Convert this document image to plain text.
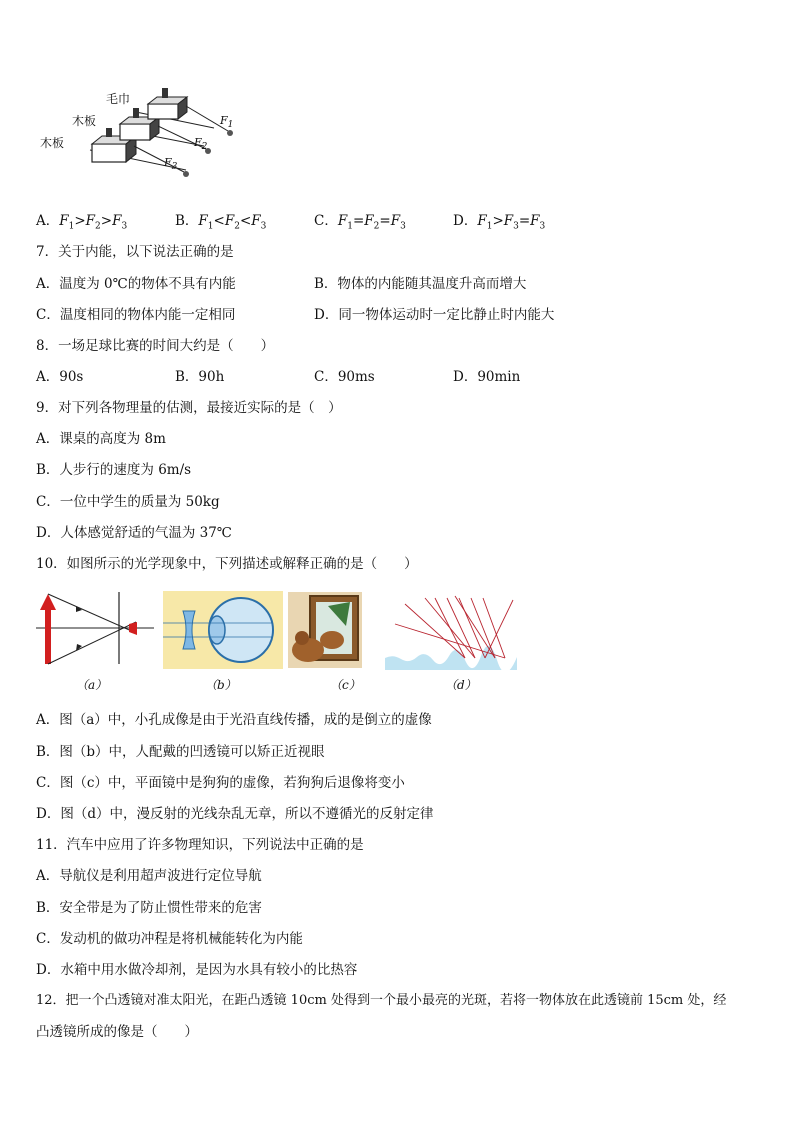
毛巾
木板
木板
$F_1$
$F_2$
$F_3$
A．$F_1>F_2>F_3$	B．$F_1<F_2<F_3$	C．$F_1=F_2=F_3$	D．$F_1>F_3=F_3$
7．关于内能，以下说法正确的是
A．温度为 0℃的物体不具有内能	B．物体的内能随其温度升高而增大
C．温度相同的物体内能一定相同	D．同一物体运动时一定比静止时内能大
8．一场足球比赛的时间大约是（　　）
A．90s	B．90h	C．90ms	D．90min
9．对下列各物理量的估测，最接近实际的是（　）
A．课桌的高度为 8m
B．人步行的速度为 6m/s
C．一位中学生的质量为 50kg
D．人体感觉舒适的气温为 37℃
10．如图所示的光学现象中，下列描述或解释正确的是（　　）
（a）	（b）	（c）	（d）
A．图（a）中，小孔成像是由于光沿直线传播，成的是倒立的虚像
B．图（b）中，人配戴的凹透镜可以矫正近视眼
C．图（c）中，平面镜中是狗狗的虚像，若狗狗后退像将变小
D．图（d）中，漫反射的光线杂乱无章，所以不遵循光的反射定律
11．汽车中应用了许多物理知识，下列说法中正确的是
A．导航仪是利用超声波进行定位导航
B．安全带是为了防止惯性带来的危害
C．发动机的做功冲程是将机械能转化为内能
D．水箱中用水做冷却剂，是因为水具有较小的比热容
12．把一个凸透镜对准太阳光，在距凸透镜 10cm 处得到一个最小最亮的光斑，若将一物体放在此透镜前 15cm 处，经
凸透镜所成的像是（　　）
